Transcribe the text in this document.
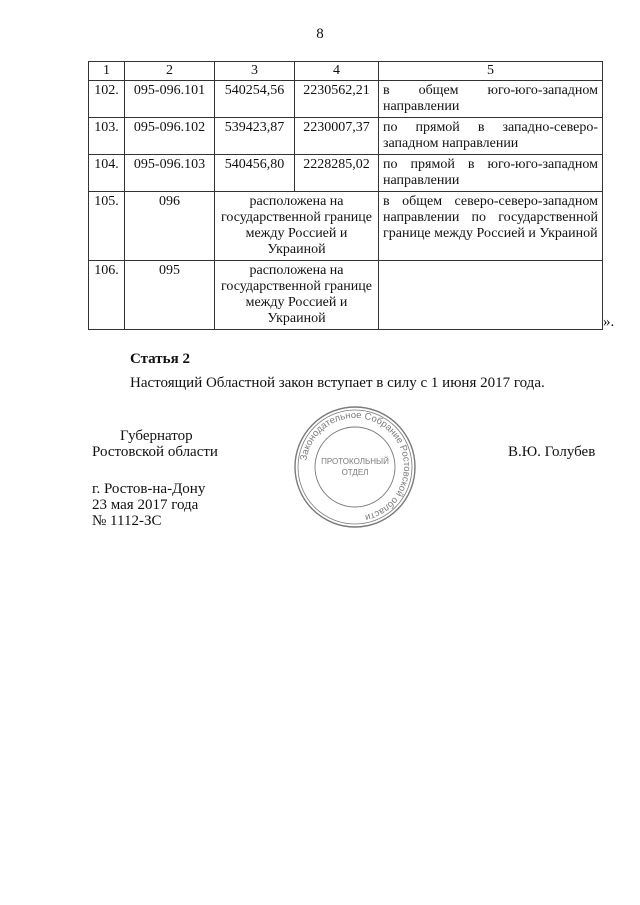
8
1	2	3	4	5
102.	095-096.101	540254,56	2230562,21	в общем юго-юго-западном направлении
103.	095-096.102	539423,87	2230007,37	по прямой в западно-северо-западном направлении
104.	095-096.103	540456,80	2228285,02	по прямой в юго-юго-западном направлении
105.	096	расположена на государственной границе между Россией и Украиной		в общем северо-северо-западном направлении по государственной границе между Россией и Украиной
106.	095	расположена на государственной границе между Россией и Украиной			».
Статья 2
Настоящий Областной закон вступает в силу с 1 июня 2017 года.
Губернатор
Ростовской области	В.Ю. Голубев
г. Ростов-на-Дону
23 мая 2017 года
№ 1112-ЗС
Законодательное Собрание Ростовской области
ПРОТОКОЛЬНЫЙ
ОТДЕЛ
